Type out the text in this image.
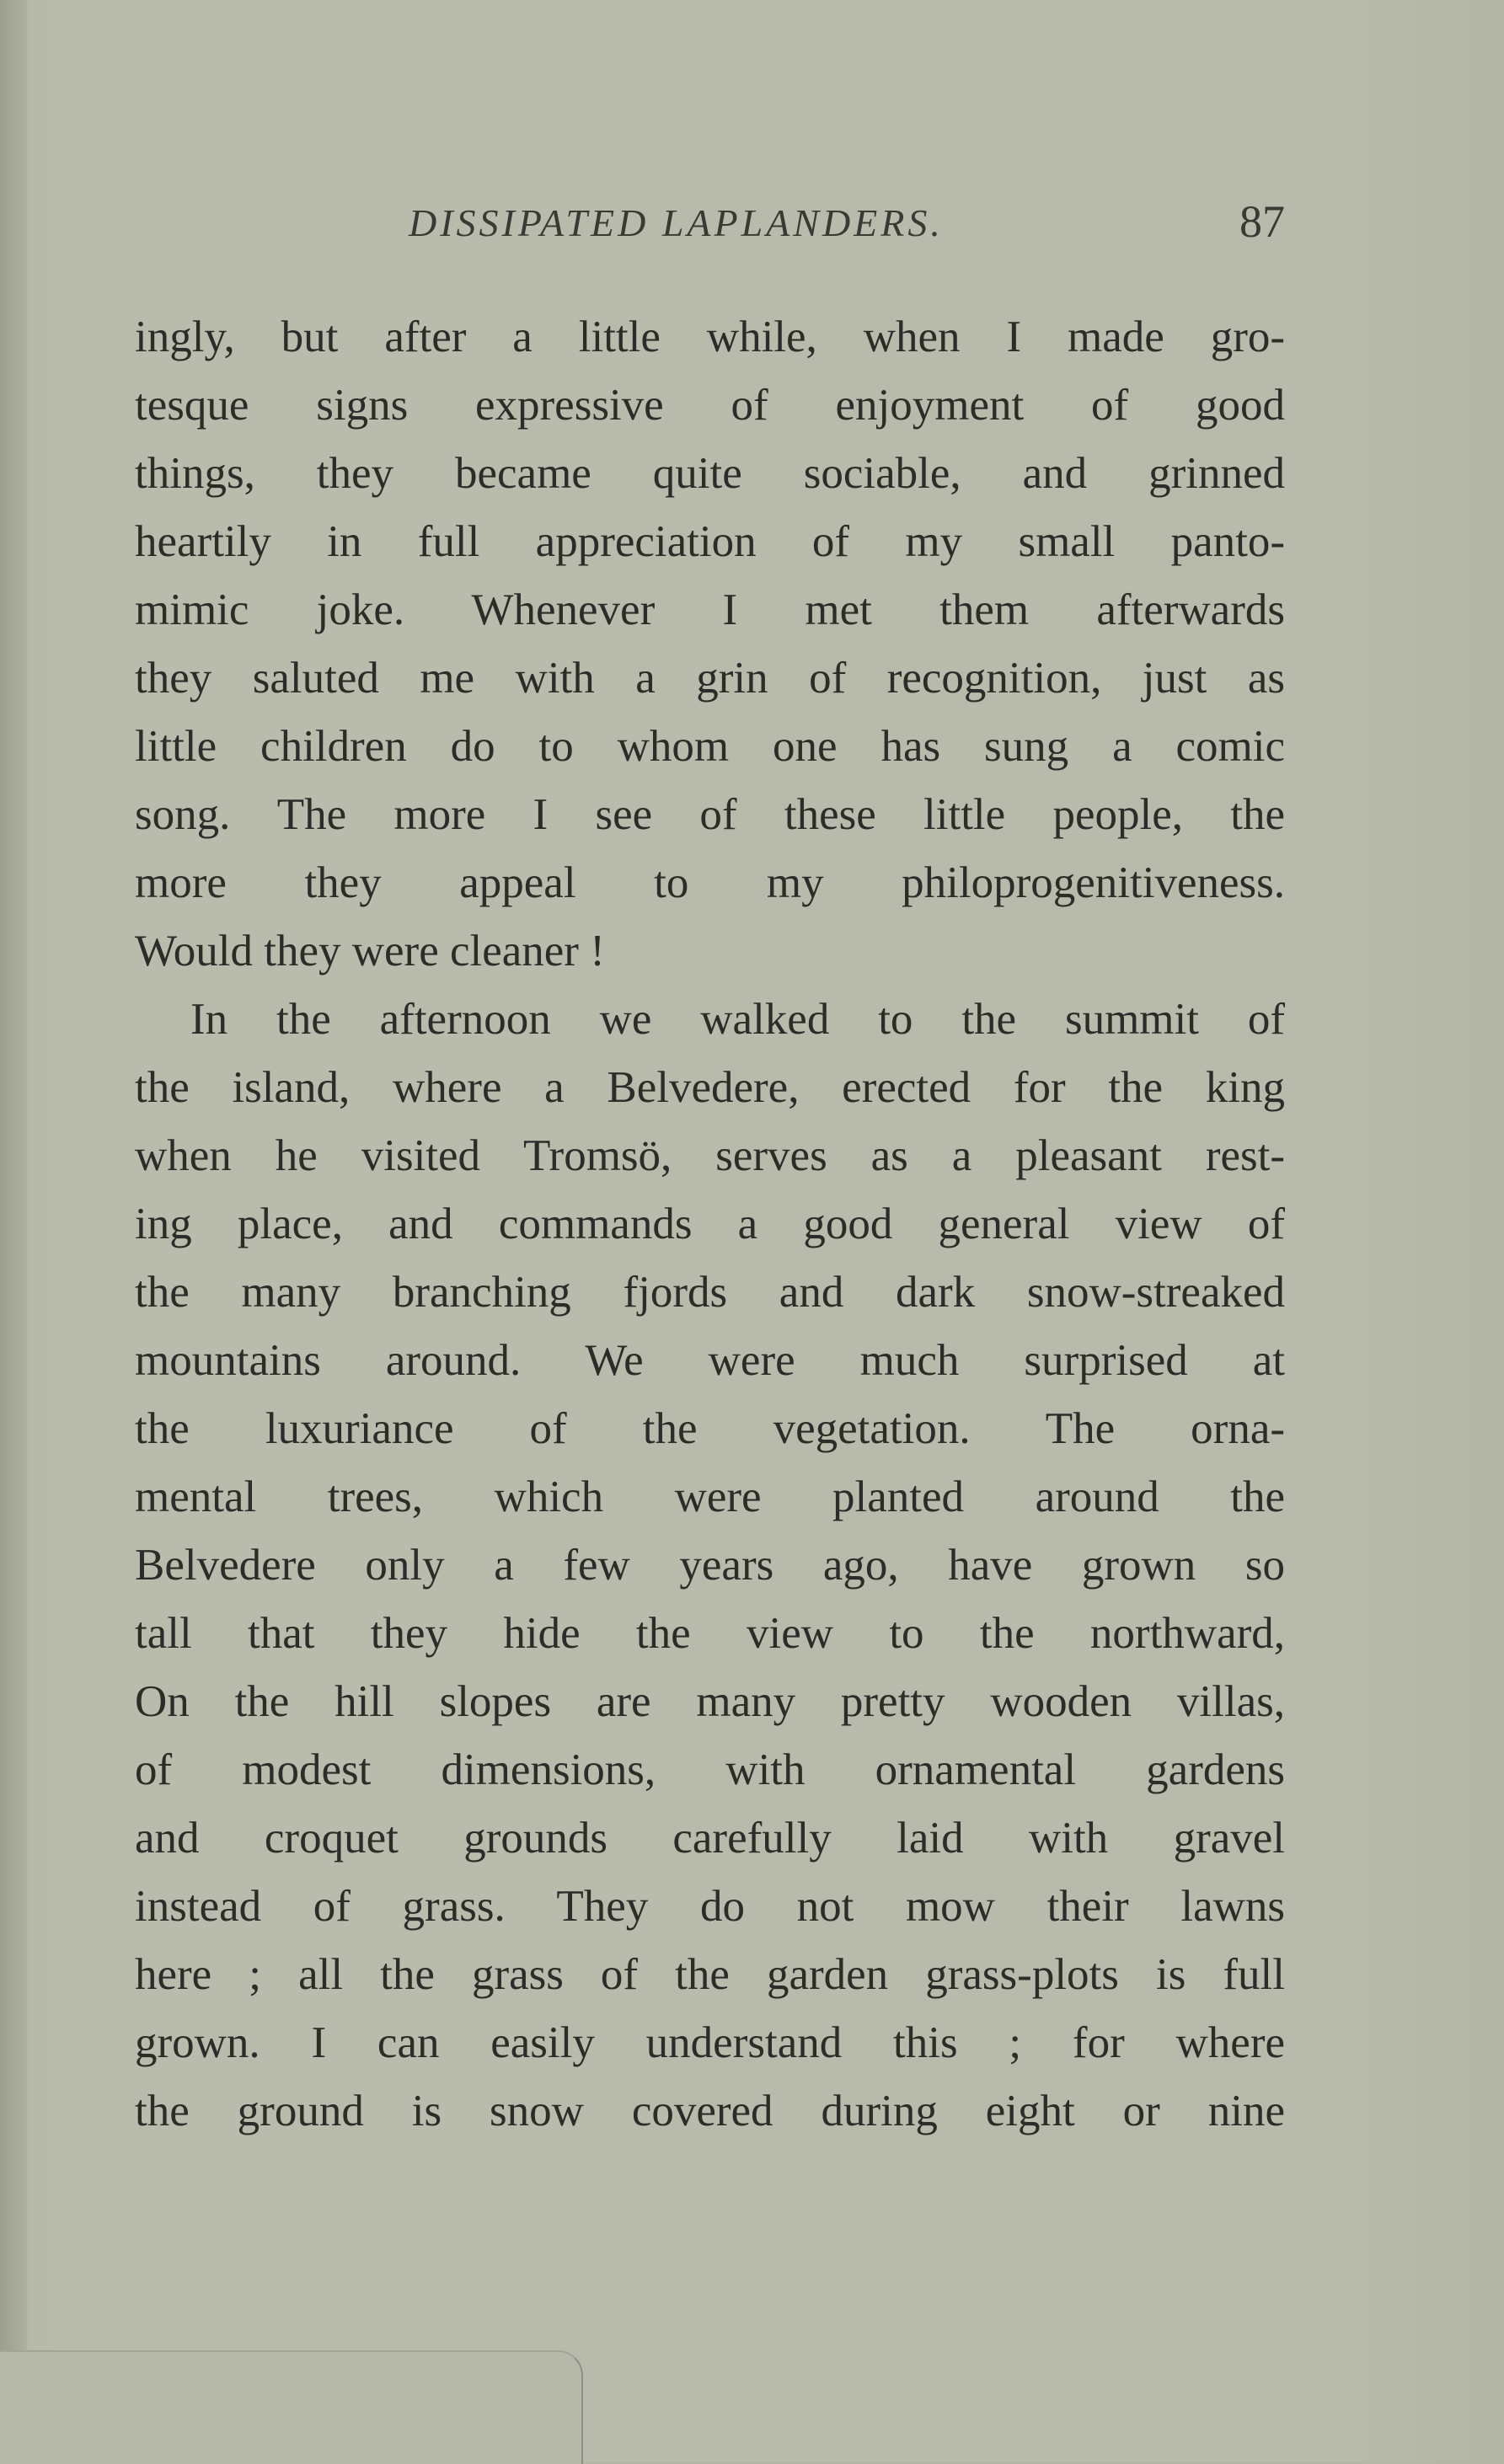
DISSIPATED LAPLANDERS.	87
ingly, but after a little while, when I made gro-
tesque signs expressive of enjoyment of good
things, they became quite sociable, and grinned
heartily in full appreciation of my small panto-
mimic joke. Whenever I met them afterwards
they saluted me with a grin of recognition, just as
little children do to whom one has sung a comic
song. The more I see of these little people, the
more they appeal to my philoprogenitiveness.
Would they were cleaner !
In the afternoon we walked to the summit of
the island, where a Belvedere, erected for the king
when he visited Tromsö, serves as a pleasant rest-
ing place, and commands a good general view of
the many branching fjords and dark snow-streaked
mountains around. We were much surprised at
the luxuriance of the vegetation. The orna-
mental trees, which were planted around the
Belvedere only a few years ago, have grown so
tall that they hide the view to the northward,
On the hill slopes are many pretty wooden villas,
of modest dimensions, with ornamental gardens
and croquet grounds carefully laid with gravel
instead of grass. They do not mow their lawns
here ; all the grass of the garden grass-plots is full
grown. I can easily understand this ; for where
the ground is snow covered during eight or nine
